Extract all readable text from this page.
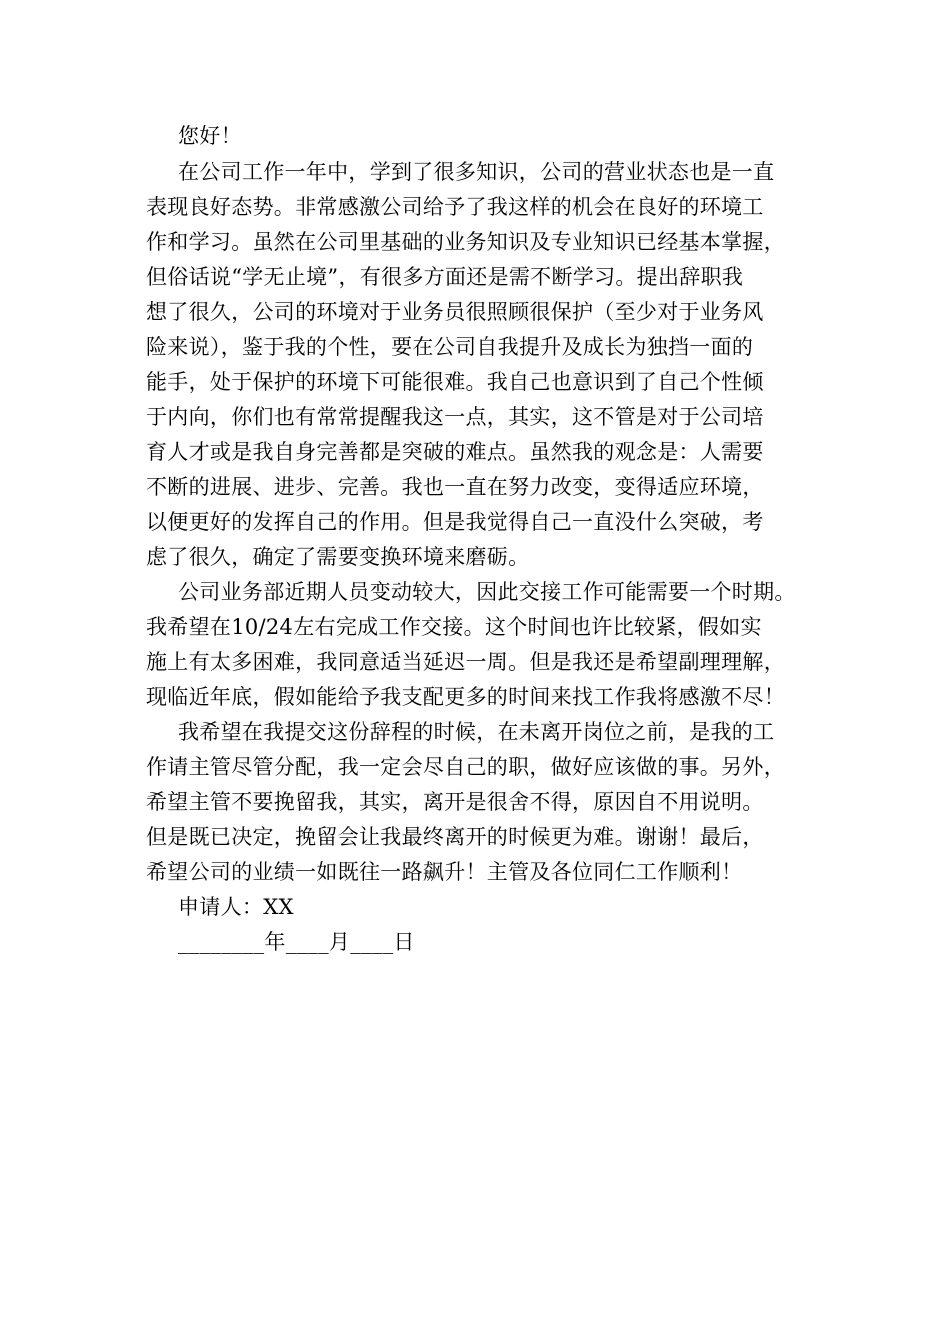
您好！
在公司工作一年中，学到了很多知识，公司的营业状态也是一直
表现良好态势。非常感激公司给予了我这样的机会在良好的环境工
作和学习。虽然在公司里基础的业务知识及专业知识已经基本掌握，
但俗话说“学无止境”，有很多方面还是需不断学习。提出辞职我
想了很久，公司的环境对于业务员很照顾很保护（至少对于业务风
险来说），鉴于我的个性，要在公司自我提升及成长为独挡一面的
能手，处于保护的环境下可能很难。我自己也意识到了自己个性倾
于内向，你们也有常常提醒我这一点，其实，这不管是对于公司培
育人才或是我自身完善都是突破的难点。虽然我的观念是：人需要
不断的进展、进步、完善。我也一直在努力改变，变得适应环境，
以便更好的发挥自己的作用。但是我觉得自己一直没什么突破，考
虑了很久，确定了需要变换环境来磨砺。
公司业务部近期人员变动较大，因此交接工作可能需要一个时期。
我希望在10/24左右完成工作交接。这个时间也许比较紧，假如实
施上有太多困难，我同意适当延迟一周。但是我还是希望副理理解，
现临近年底，假如能给予我支配更多的时间来找工作我将感激不尽！
我希望在我提交这份辞程的时候，在未离开岗位之前，是我的工
作请主管尽管分配，我一定会尽自己的职，做好应该做的事。另外，
希望主管不要挽留我，其实，离开是很舍不得，原因自不用说明。
但是既已决定，挽留会让我最终离开的时候更为难。谢谢！最后，
希望公司的业绩一如既往一路飙升！主管及各位同仁工作顺利！
申请人：XX
________年____月____日
